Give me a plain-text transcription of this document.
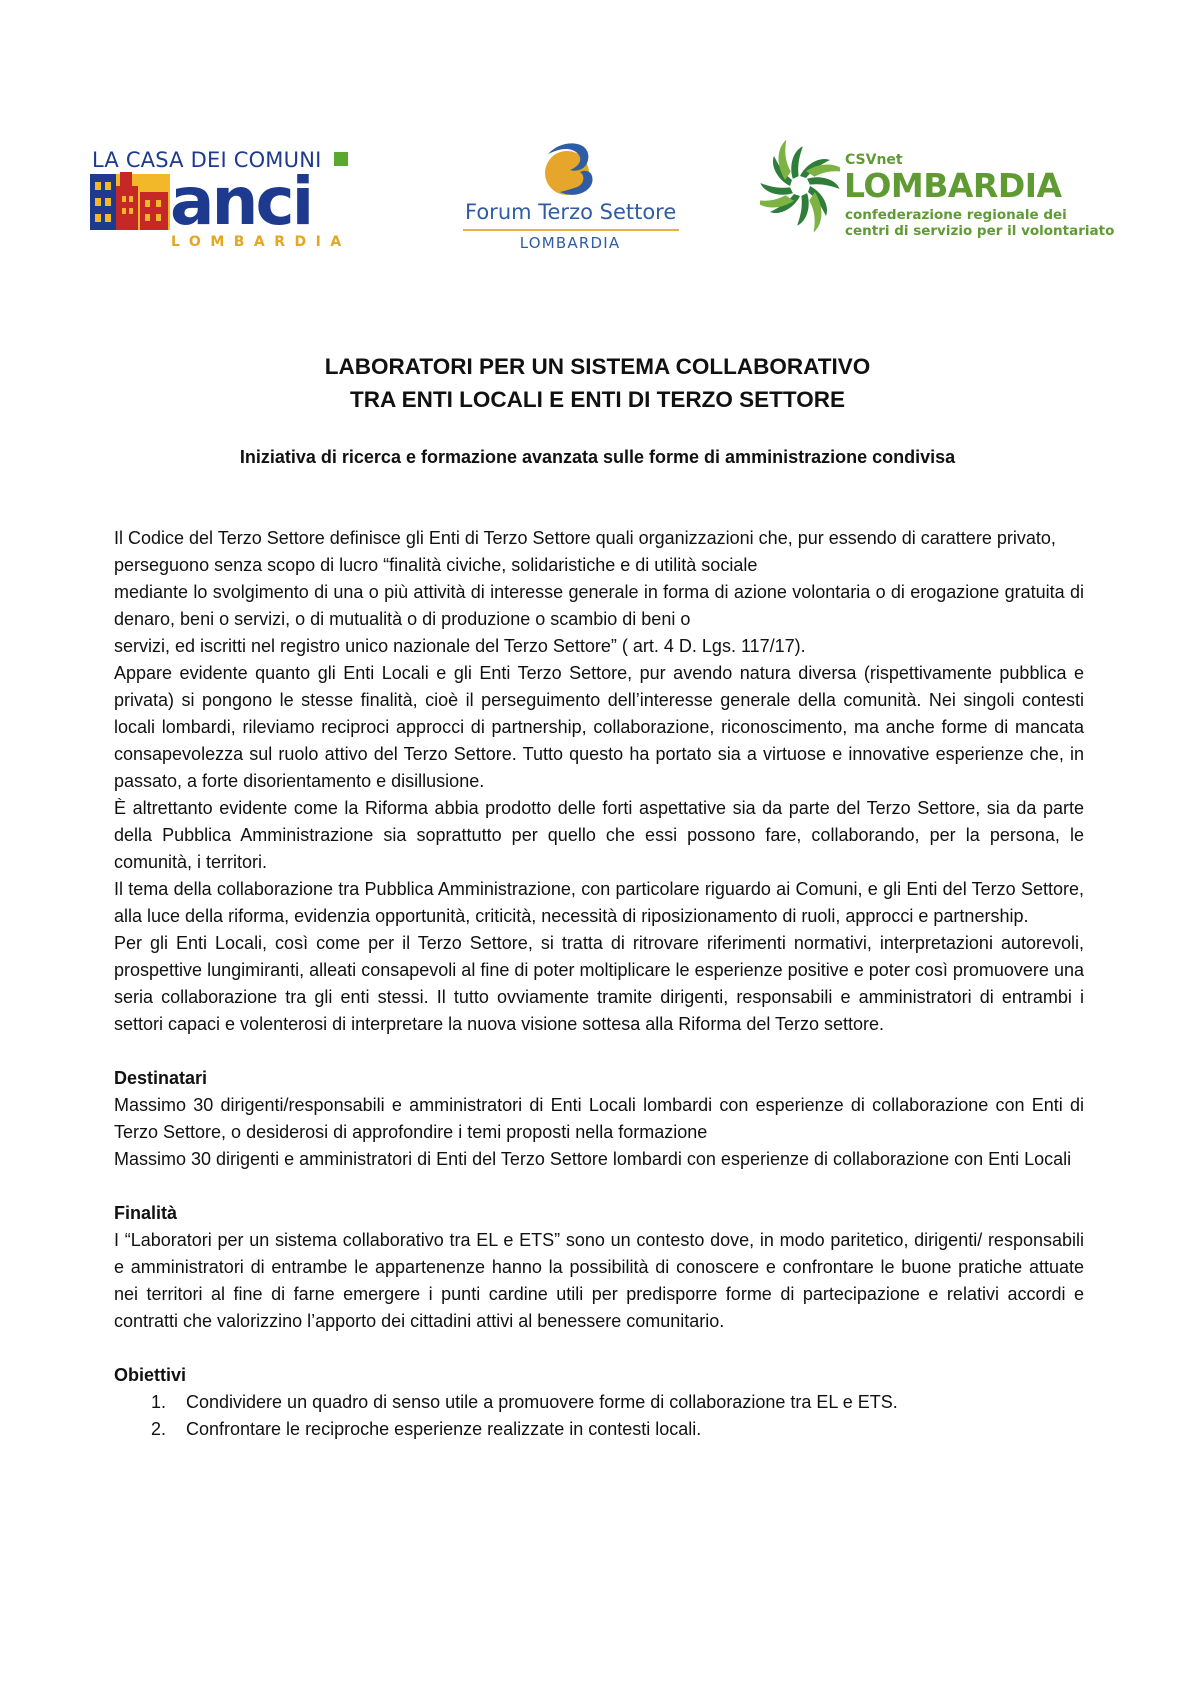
LA CASA DEI COMUNI
anci
LOMBARDIA
Forum Terzo Settore
LOMBARDIA
CSVnet
LOMBARDIA
confederazione regionale dei
centri di servizio per il volontariato
LABORATORI PER UN SISTEMA COLLABORATIVO
TRA ENTI LOCALI E ENTI DI TERZO SETTORE
Iniziativa di ricerca e formazione avanzata sulle forme di amministrazione condivisa

Il Codice del Terzo Settore definisce gli Enti di Terzo Settore quali organizzazioni che, pur essendo di carattere privato, perseguono senza scopo di lucro “finalità civiche, solidaristiche e di utilità sociale

mediante lo svolgimento di una o più attività di interesse generale in forma di azione volontaria o di erogazione gratuita di denaro, beni o servizi, o di mutualità o di produzione o scambio di beni o

servizi, ed iscritti nel registro unico nazionale del Terzo Settore” ( art. 4 D. Lgs. 117/17).

Appare evidente quanto gli Enti Locali e gli Enti Terzo Settore, pur avendo natura diversa (rispettivamente pubblica e privata) si pongono le stesse finalità, cioè il perseguimento dell’interesse generale della comunità. Nei singoli contesti locali lombardi, rileviamo reciproci approcci di partnership, collaborazione, riconoscimento, ma anche forme di mancata consapevolezza sul ruolo attivo del Terzo Settore. Tutto questo ha portato sia a virtuose e innovative esperienze che, in passato, a forte disorientamento e disillusione.

È altrettanto evidente come la Riforma abbia prodotto delle forti aspettative sia da parte del Terzo Settore, sia da parte della Pubblica Amministrazione sia soprattutto per quello che essi possono fare, collaborando, per la persona, le comunità, i territori.

Il tema della collaborazione tra Pubblica Amministrazione, con particolare riguardo ai Comuni, e gli Enti del Terzo Settore, alla luce della riforma, evidenzia opportunità, criticità, necessità di riposizionamento di ruoli, approcci e partnership.

Per gli Enti Locali, così come per il Terzo Settore, si tratta di ritrovare riferimenti normativi, interpretazioni autorevoli, prospettive lungimiranti, alleati consapevoli al fine di poter moltiplicare le esperienze positive e poter così promuovere una seria collaborazione tra gli enti stessi. Il tutto ovviamente tramite dirigenti, responsabili e amministratori di entrambi i settori capaci e volenterosi di interpretare la nuova visione sottesa alla Riforma del Terzo settore.

Destinatari

Massimo 30 dirigenti/responsabili e amministratori di Enti Locali lombardi con esperienze di collaborazione con Enti di Terzo Settore, o desiderosi di approfondire i temi proposti nella formazione

Massimo 30 dirigenti e amministratori di Enti del Terzo Settore lombardi con esperienze di collaborazione con Enti Locali

Finalità

I “Laboratori per un sistema collaborativo tra EL e ETS” sono un contesto dove, in modo paritetico, dirigenti/ responsabili e amministratori di entrambe le appartenenze hanno la possibilità di conoscere e confrontare le buone pratiche attuate nei territori al fine di farne emergere i punti cardine utili per predisporre forme di partecipazione e relativi accordi e contratti che valorizzino l’apporto dei cittadini attivi al benessere comunitario.

Obiettivi
1. Condividere un quadro di senso utile a promuovere forme di collaborazione tra EL e ETS.
2. Confrontare le reciproche esperienze realizzate in contesti locali.
